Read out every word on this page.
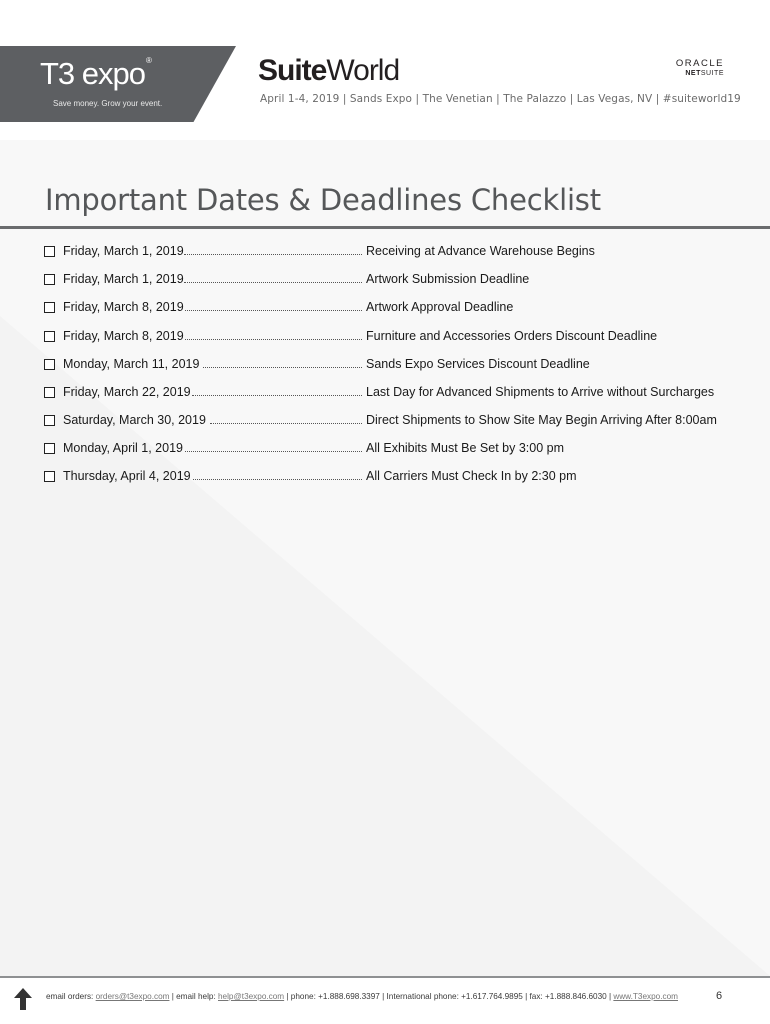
T3 expo®
Save money. Grow your event.
SuiteWorld
April 1-4, 2019 | Sands Expo | The Venetian | The Palazzo | Las Vegas, NV | #suiteworld19
ORACLE
NETSUITE
Important Dates & Deadlines Checklist
Friday, March 1, 2019	Receiving at Advance Warehouse Begins
Friday, March 1, 2019	Artwork Submission Deadline
Friday, March 8, 2019	Artwork Approval Deadline
Friday, March 8, 2019	Furniture and Accessories Orders Discount Deadline
Monday, March 11, 2019	Sands Expo Services Discount Deadline
Friday, March 22, 2019	Last Day for Advanced Shipments to Arrive without Surcharges
Saturday, March 30, 2019	Direct Shipments to Show Site May Begin Arriving After 8:00am
Monday, April 1, 2019	All Exhibits Must Be Set by 3:00 pm
Thursday, April 4, 2019	All Carriers Must Check In by 2:30 pm
email orders: orders@t3expo.com | email help: help@t3expo.com | phone: +1.888.698.3397 | International phone: +1.617.764.9895 | fax: +1.888.846.6030 | www.T3expo.com	6
